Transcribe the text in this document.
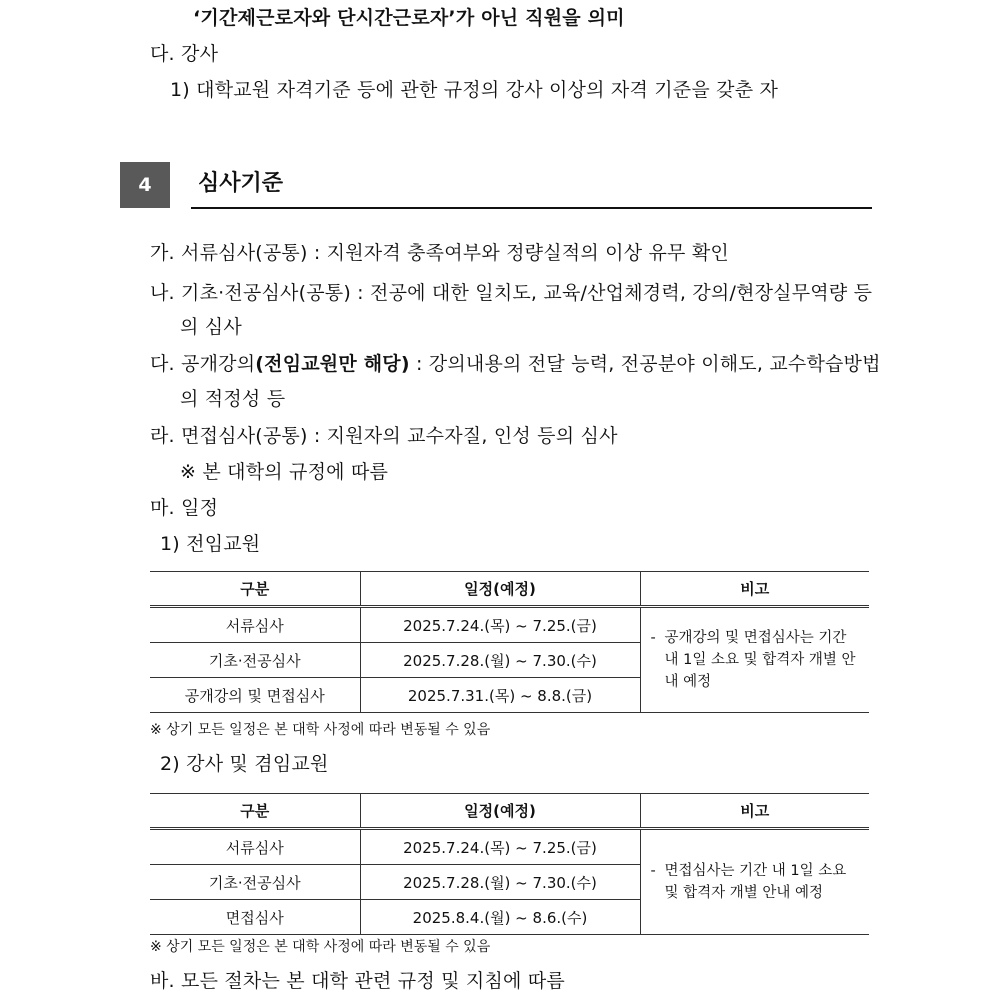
‘기간제근로자와 단시간근로자’가 아닌 직원을 의미
다. 강사
1) 대학교원 자격기준 등에 관한 규정의 강사 이상의 자격 기준을 갖춘 자
4	심사기준
가. 서류심사(공통) : 지원자격 충족여부와 정량실적의 이상 유무 확인
나. 기초·전공심사(공통) : 전공에 대한 일치도, 교육/산업체경력, 강의/현장실무역량 등
의 심사
다. 공개강의(전임교원만 해당) : 강의내용의 전달 능력, 전공분야 이해도, 교수학습방법
의 적정성 등
라. 면접심사(공통) : 지원자의 교수자질, 인성 등의 심사
※ 본 대학의 규정에 따름
마. 일정
1) 전임교원
구분	일정(예정)	비고
서류심사	2025.7.24.(목) ~ 7.25.(금)	- 공개강의 및 면접심사는 기간 내 1일 소요 및 합격자 개별 안내 예정

기초·전공심사	2025.7.28.(월) ~ 7.30.(수)	
공개강의 및 면접심사	2025.7.31.(목) ~ 8.8.(금)	
※ 상기 모든 일정은 본 대학 사정에 따라 변동될 수 있음
2) 강사 및 겸임교원
구분	일정(예정)	비고
서류심사	2025.7.24.(목) ~ 7.25.(금)	- 면접심사는 기간 내 1일 소요 및 합격자 개별 안내 예정

기초·전공심사	2025.7.28.(월) ~ 7.30.(수)	
면접심사	2025.8.4.(월) ~ 8.6.(수)	
※ 상기 모든 일정은 본 대학 사정에 따라 변동될 수 있음
바. 모든 절차는 본 대학 관련 규정 및 지침에 따름
